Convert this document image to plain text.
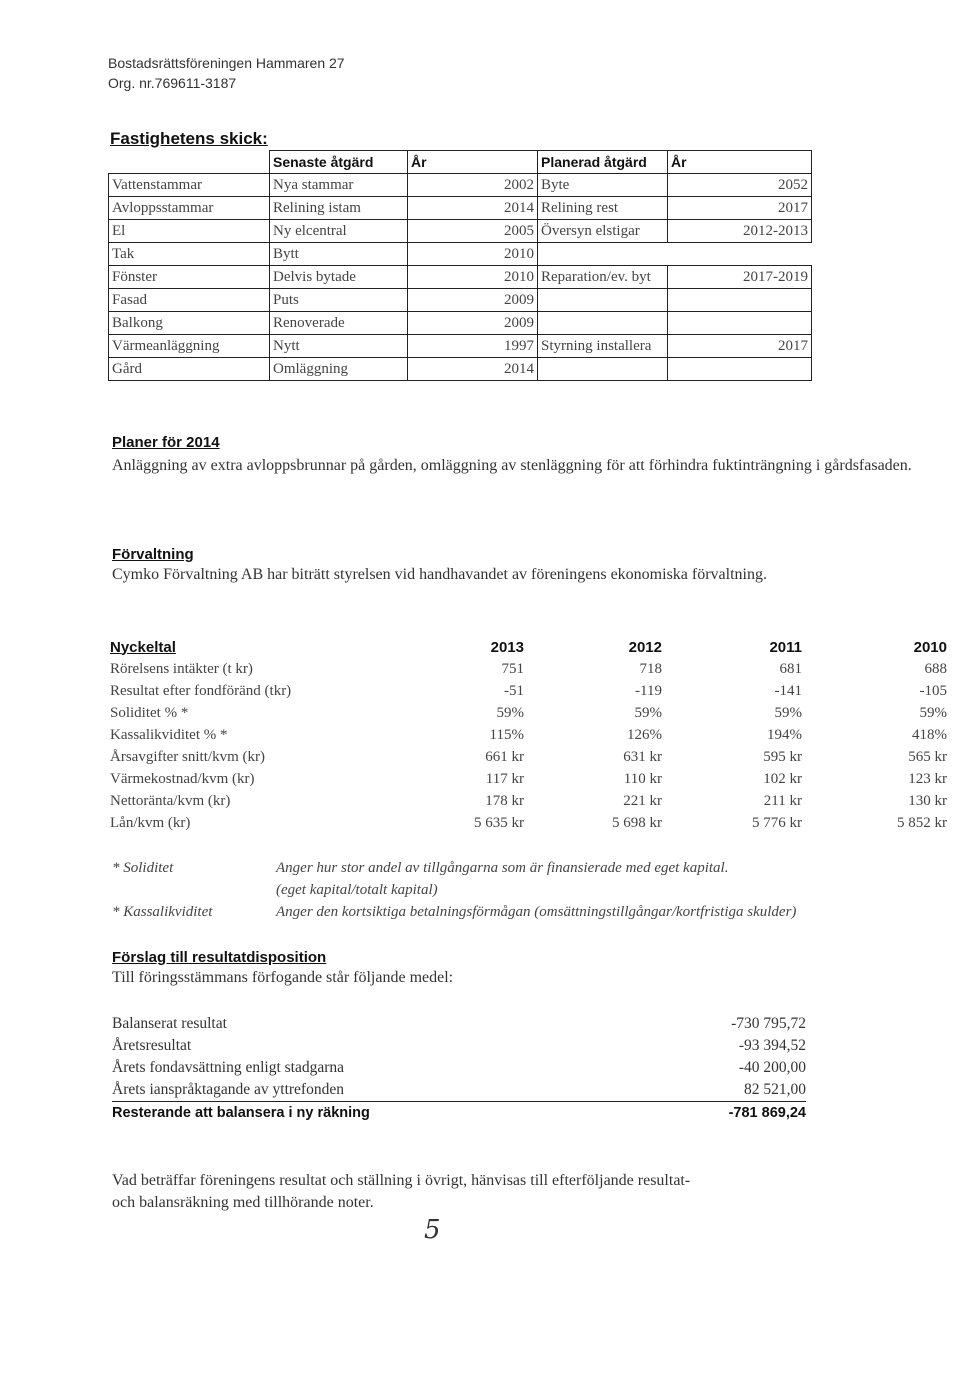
Bostadsrättsföreningen Hammaren 27
Org. nr.769611-3187
Fastighetens skick:
	Senaste åtgärd	År	Planerad åtgärd	År
Vattenstammar	Nya stammar	2002	Byte	2052
Avloppsstammar	Relining istam	2014	Relining rest	2017
El	Ny elcentral	2005	Översyn elstigar	2012-2013
Tak	Bytt	2010		
Fönster	Delvis bytade	2010	Reparation/ev. byt	2017-2019
Fasad	Puts	2009		
Balkong	Renoverade	2009		
Värmeanläggning	Nytt	1997	Styrning installera	2017
Gård	Omläggning	2014		
Planer för 2014
Anläggning av extra avloppsbrunnar på gården, omläggning av stenläggning för att förhindra fuktinträngning i gårdsfasaden.
Förvaltning
Cymko Förvaltning AB har biträtt styrelsen vid handhavandet av föreningens ekonomiska förvaltning.
Nyckeltal	2013	2012	2011	2010
Rörelsens intäkter (t kr)	751	718	681	688
Resultat efter fondföränd (tkr)	-51	-119	-141	-105
Soliditet % *	59%	59%	59%	59%
Kassalikviditet % *	115%	126%	194%	418%
Årsavgifter snitt/kvm (kr)	661 kr	631 kr	595 kr	565 kr
Värmekostnad/kvm (kr)	117 kr	110 kr	102 kr	123 kr
Nettoränta/kvm (kr)	178 kr	221 kr	211 kr	130 kr
Lån/kvm (kr)	5 635 kr	5 698 kr	5 776 kr	5 852 kr
* Soliditet	Anger hur stor andel av tillgångarna som är finansierade med eget kapital.
(eget kapital/totalt kapital)
* Kassalikviditet	Anger den kortsiktiga betalningsförmågan (omsättningstillgångar/kortfristiga skulder)
Förslag till resultatdisposition
Till föringsstämmans förfogande står följande medel:
Balanserat resultat	-730 795,72
Åretsresultat	-93 394,52
Årets fondavsättning enligt stadgarna	-40 200,00
Årets ianspråktagande av yttrefonden	82 521,00
Resterande att balansera i ny räkning	-781 869,24
Vad beträffar föreningens resultat och ställning i övrigt, hänvisas till efterföljande resultat-
och balansräkning med tillhörande noter.
5
